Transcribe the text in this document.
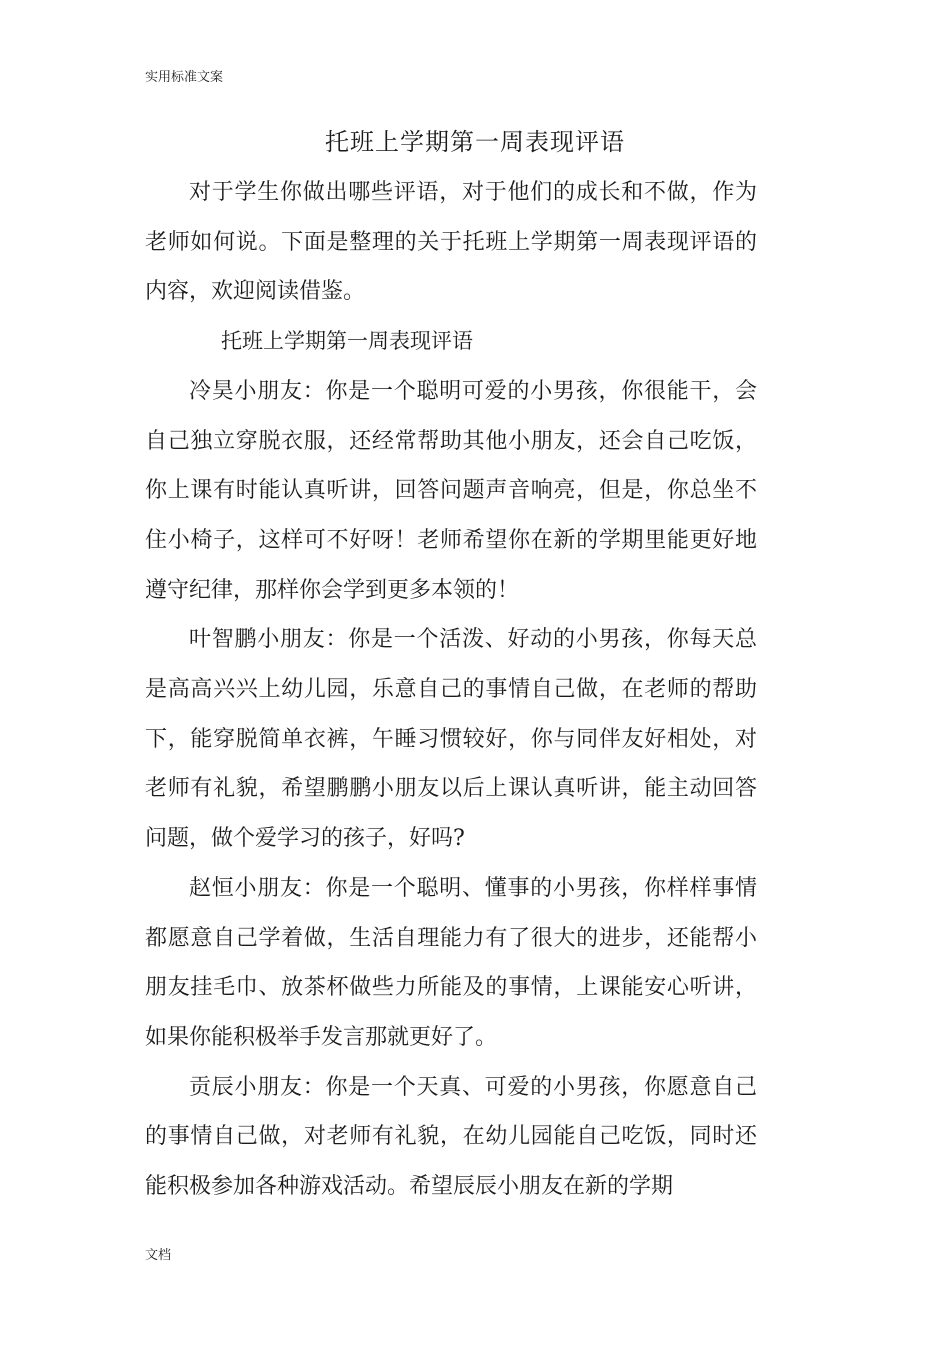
实用标准文案
托班上学期第一周表现评语

对于学生你做出哪些评语，对于他们的成长和不做，作为老师如何说。下面是整理的关于托班上学期第一周表现评语的内容，欢迎阅读借鉴。

托班上学期第一周表现评语

冷昊小朋友：你是一个聪明可爱的小男孩，你很能干，会自己独立穿脱衣服，还经常帮助其他小朋友，还会自己吃饭，你上课有时能认真听讲，回答问题声音响亮，但是，你总坐不住小椅子，这样可不好呀！老师希望你在新的学期里能更好地遵守纪律，那样你会学到更多本领的！

叶智鹏小朋友：你是一个活泼、好动的小男孩，你每天总是高高兴兴上幼儿园，乐意自己的事情自己做，在老师的帮助下，能穿脱简单衣裤，午睡习惯较好，你与同伴友好相处，对老师有礼貌，希望鹏鹏小朋友以后上课认真听讲，能主动回答问题，做个爱学习的孩子，好吗?

赵恒小朋友：你是一个聪明、懂事的小男孩，你样样事情都愿意自己学着做，生活自理能力有了很大的进步，还能帮小朋友挂毛巾、放茶杯做些力所能及的事情，上课能安心听讲，如果你能积极举手发言那就更好了。

贡辰小朋友：你是一个天真、可爱的小男孩，你愿意自己的事情自己做，对老师有礼貌，在幼儿园能自己吃饭，同时还能积极参加各种游戏活动。希望辰辰小朋友在新的学期

文档
